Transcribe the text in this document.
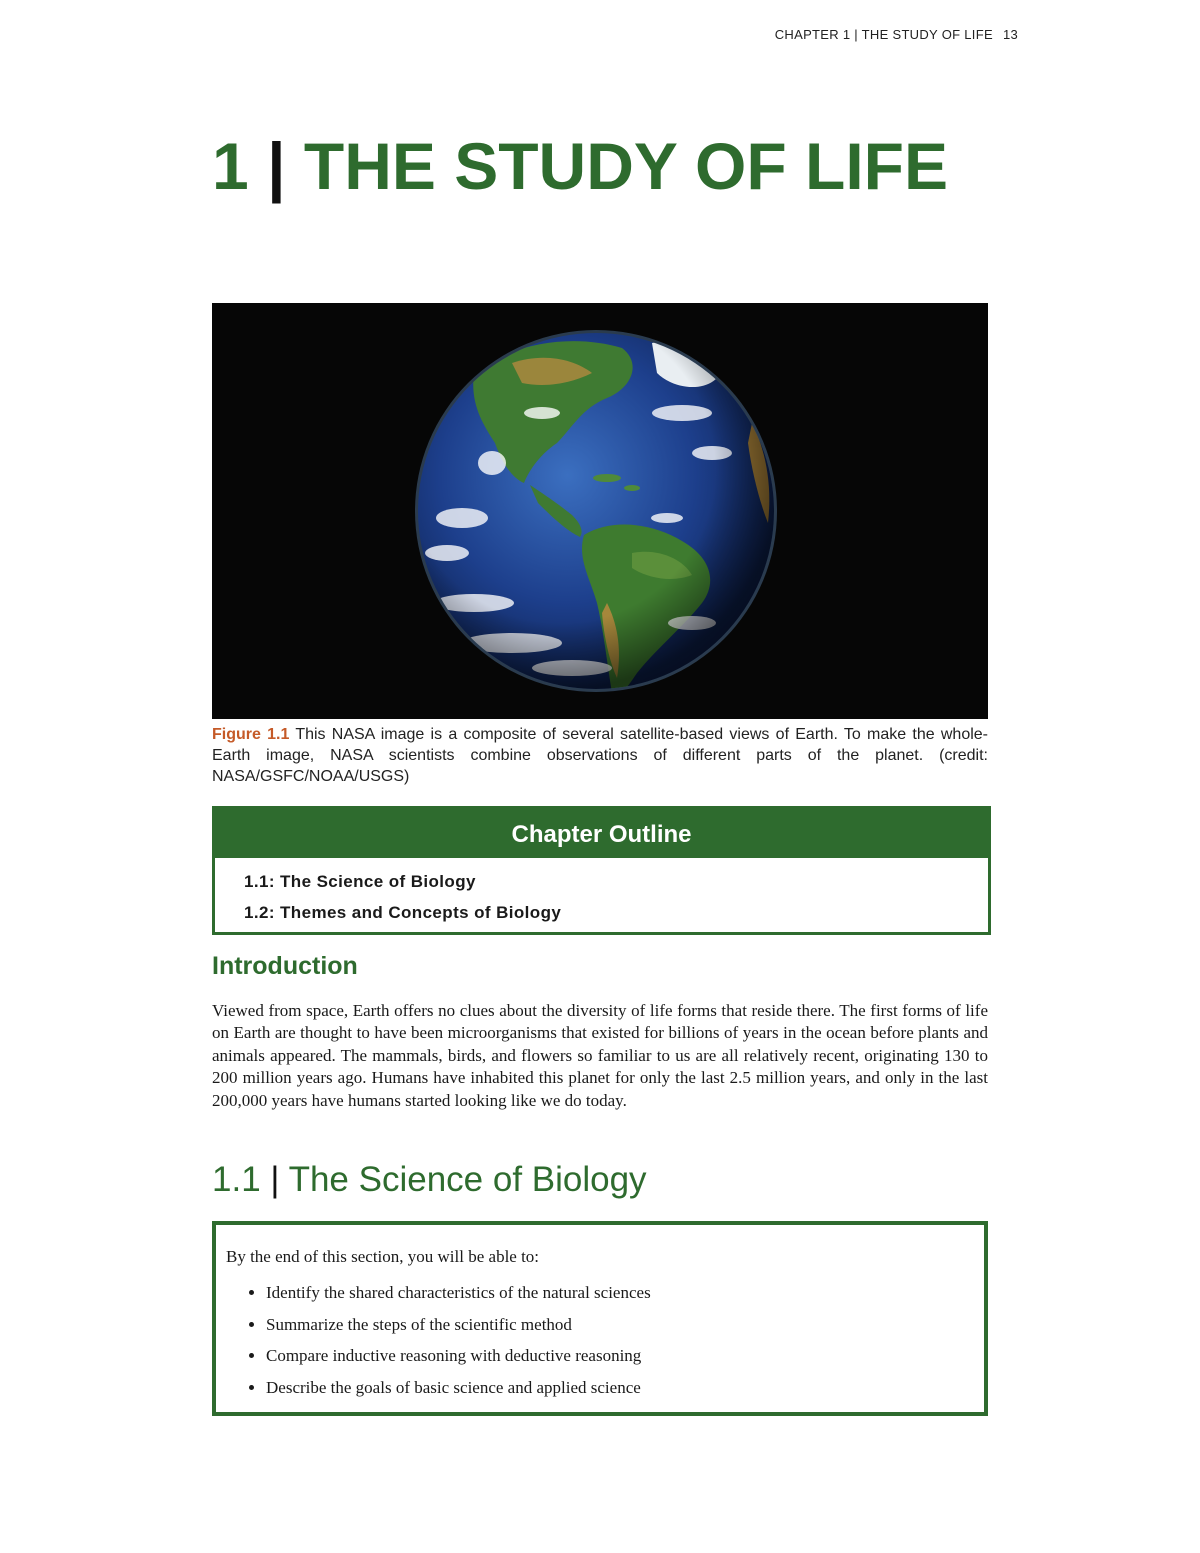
CHAPTER 1 | THE STUDY OF LIFE 13
1 | THE STUDY OF LIFE
Figure 1.1 This NASA image is a composite of several satellite-based views of Earth. To make the whole-Earth image, NASA scientists combine observations of different parts of the planet. (credit: NASA/GSFC/NOAA/USGS)
Chapter Outline
1.1: The Science of Biology
1.2: Themes and Concepts of Biology
Introduction

Viewed from space, Earth offers no clues about the diversity of life forms that reside there. The first forms of life on Earth are thought to have been microorganisms that existed for billions of years in the ocean before plants and animals appeared. The mammals, birds, and flowers so familiar to us are all relatively recent, originating 130 to 200 million years ago. Humans have inhabited this planet for only the last 2.5 million years, and only in the last 200,000 years have humans started looking like we do today.

1.1 | The Science of Biology

By the end of this section, you will be able to:

• Identify the shared characteristics of the natural sciences
• Summarize the steps of the scientific method
• Compare inductive reasoning with deductive reasoning
• Describe the goals of basic science and applied science
